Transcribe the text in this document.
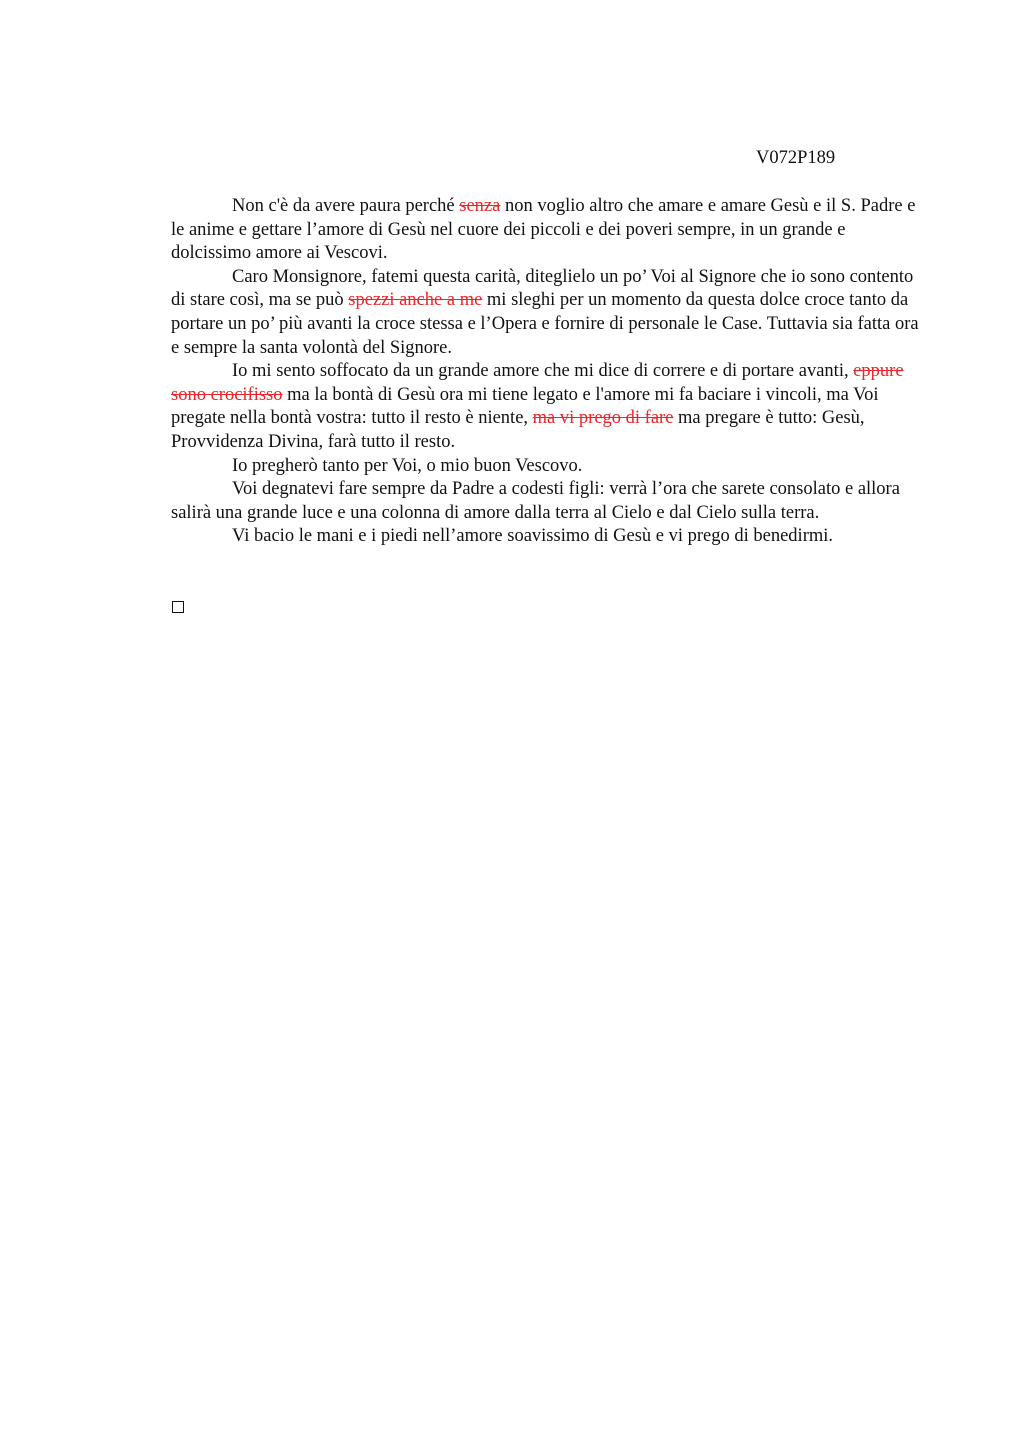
V072P189

Non c'è da avere paura perché senza non voglio altro che amare e amare Gesù e il S. Padre e le anime e gettare l’amore di Gesù nel cuore dei piccoli e dei poveri sempre, in un grande e dolcissimo amore ai Vescovi.

Caro Monsignore, fatemi questa carità, diteglielo un po’ Voi al Signore che io sono contento di stare così, ma se può spezzi anche a me mi sleghi per un momento da questa dolce croce tanto da portare un po’ più avanti la croce stessa e l’Opera e fornire di personale le Case. Tuttavia sia fatta ora e sempre la santa volontà del Signore.

Io mi sento soffocato da un grande amore che mi dice di correre e di portare avanti, eppure sono crocifisso ma la bontà di Gesù ora mi tiene legato e l'amore mi fa baciare i vincoli, ma Voi pregate nella bontà vostra: tutto il resto è niente, ma vi prego di fare ma pregare è tutto: Gesù, Provvidenza Divina, farà tutto il resto.

Io pregherò tanto per Voi, o mio buon Vescovo.

Voi degnatevi fare sempre da Padre a codesti figli: verrà l’ora che sarete consolato e allora salirà una grande luce e una colonna di amore dalla terra al Cielo e dal Cielo sulla terra.

Vi bacio le mani e i piedi nell’amore soavissimo di Gesù e vi prego di benedirmi.
